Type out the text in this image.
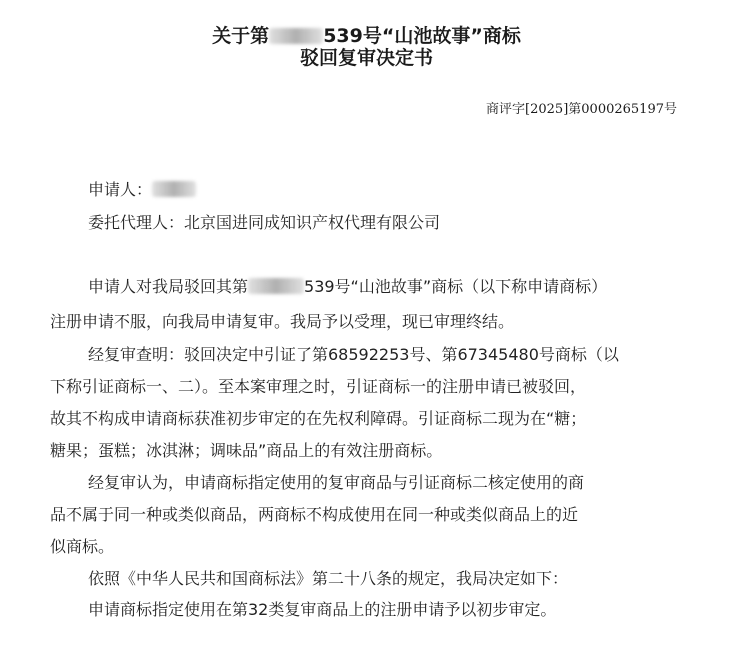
关于第	539号“山池故事”商标
驳回复审决定书
商评字[2025]第0000265197号
申请人：
委托代理人：北京国进同成知识产权代理有限公司
申请人对我局驳回其第	539号“山池故事”商标（以下称申请商标）
注册申请不服，向我局申请复审。我局予以受理，现已审理终结。
经复审查明：驳回决定中引证了第68592253号、第67345480号商标（以
下称引证商标一、二）。至本案审理之时，引证商标一的注册申请已被驳回，
故其不构成申请商标获准初步审定的在先权利障碍。引证商标二现为在“糖；
糖果；蛋糕；冰淇淋；调味品”商品上的有效注册商标。
经复审认为，申请商标指定使用的复审商品与引证商标二核定使用的商
品不属于同一种或类似商品，两商标不构成使用在同一种或类似商品上的近
似商标。
依照《中华人民共和国商标法》第二十八条的规定，我局决定如下：
申请商标指定使用在第32类复审商品上的注册申请予以初步审定。
